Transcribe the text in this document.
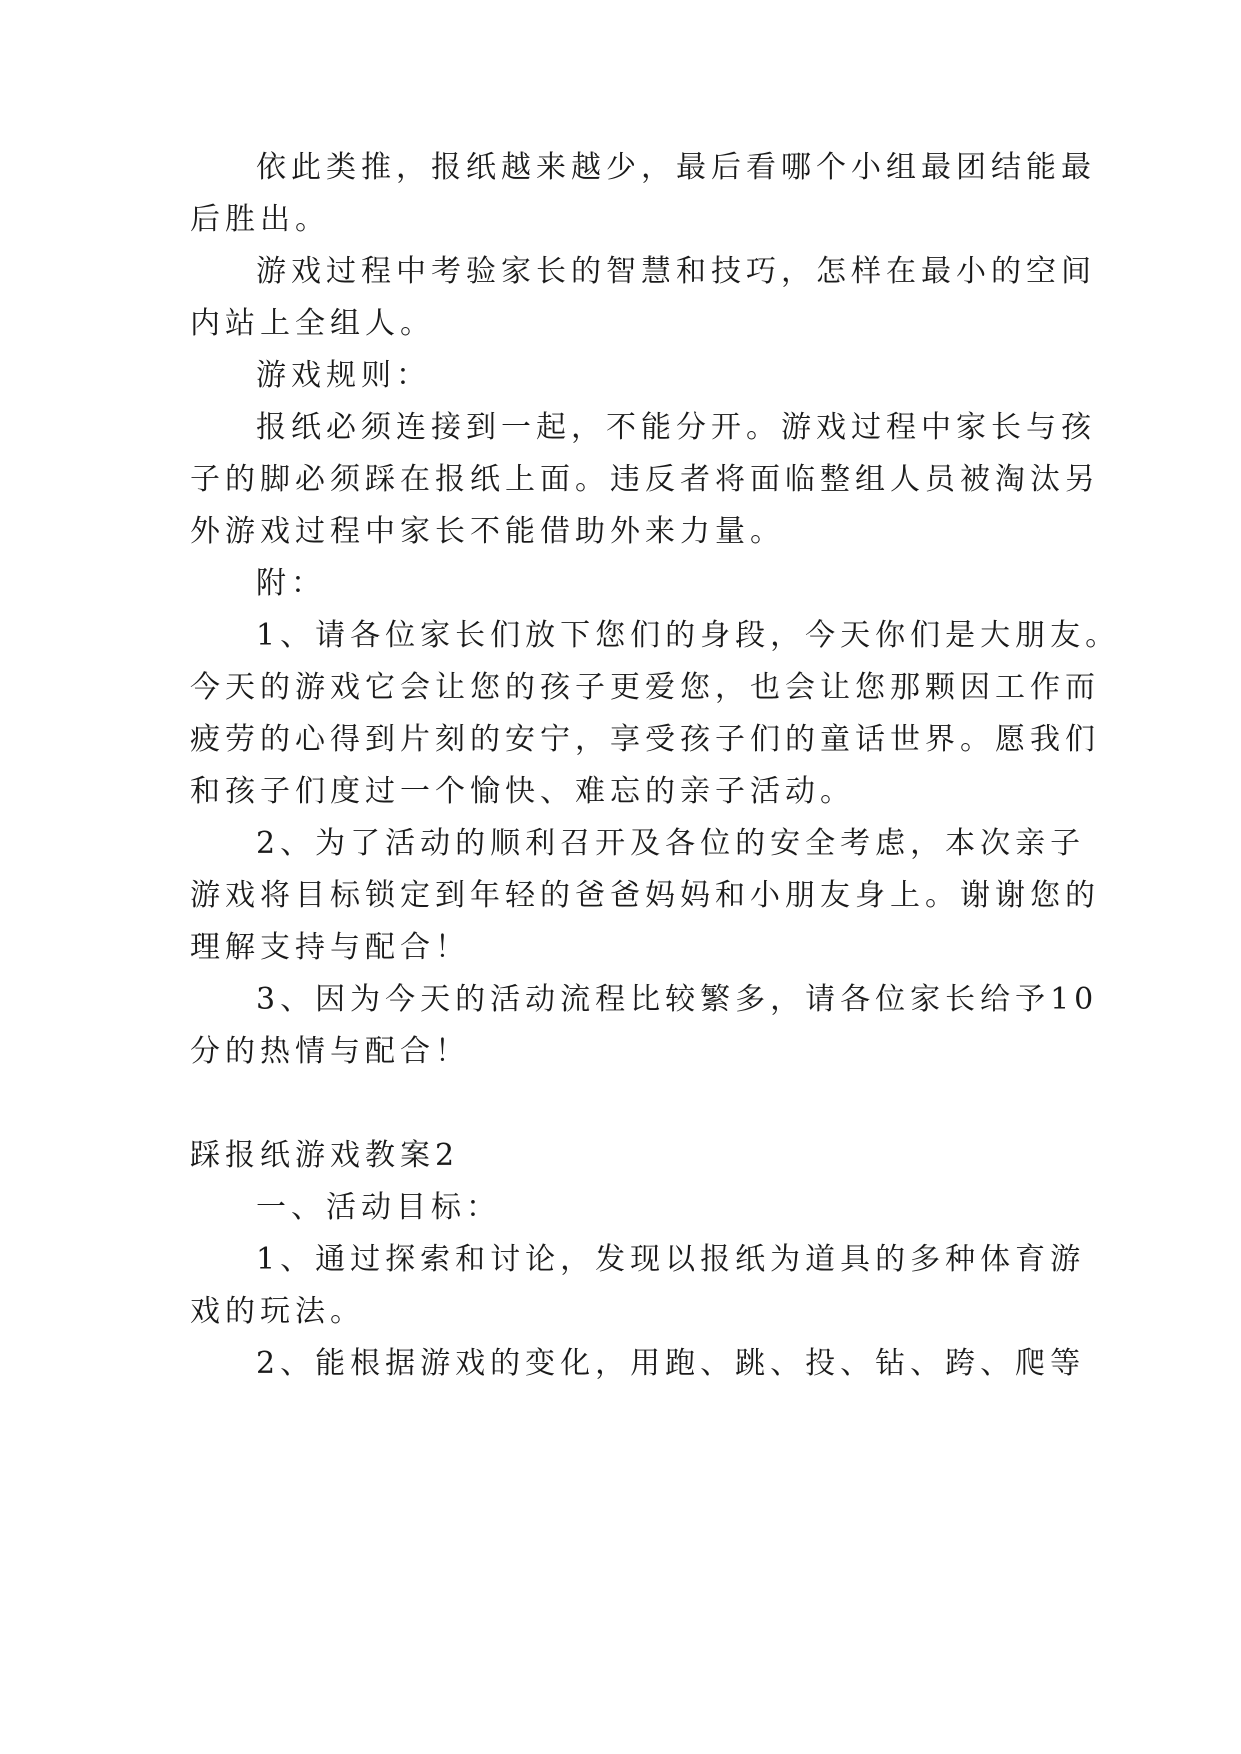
依此类推，报纸越来越少，最后看哪个小组最团结能最
后胜出。
游戏过程中考验家长的智慧和技巧，怎样在最小的空间
内站上全组人。
游戏规则：
报纸必须连接到一起，不能分开。游戏过程中家长与孩
子的脚必须踩在报纸上面。违反者将面临整组人员被淘汰另
外游戏过程中家长不能借助外来力量。
附：
1、请各位家长们放下您们的身段，今天你们是大朋友。
今天的游戏它会让您的孩子更爱您，也会让您那颗因工作而
疲劳的心得到片刻的安宁，享受孩子们的童话世界。愿我们
和孩子们度过一个愉快、难忘的亲子活动。
2、为了活动的顺利召开及各位的安全考虑，本次亲子
游戏将目标锁定到年轻的爸爸妈妈和小朋友身上。谢谢您的
理解支持与配合！
3、因为今天的活动流程比较繁多，请各位家长给予10
分的热情与配合！
踩报纸游戏教案2
一、活动目标：
1、通过探索和讨论，发现以报纸为道具的多种体育游
戏的玩法。
2、能根据游戏的变化，用跑、跳、投、钻、跨、爬等
